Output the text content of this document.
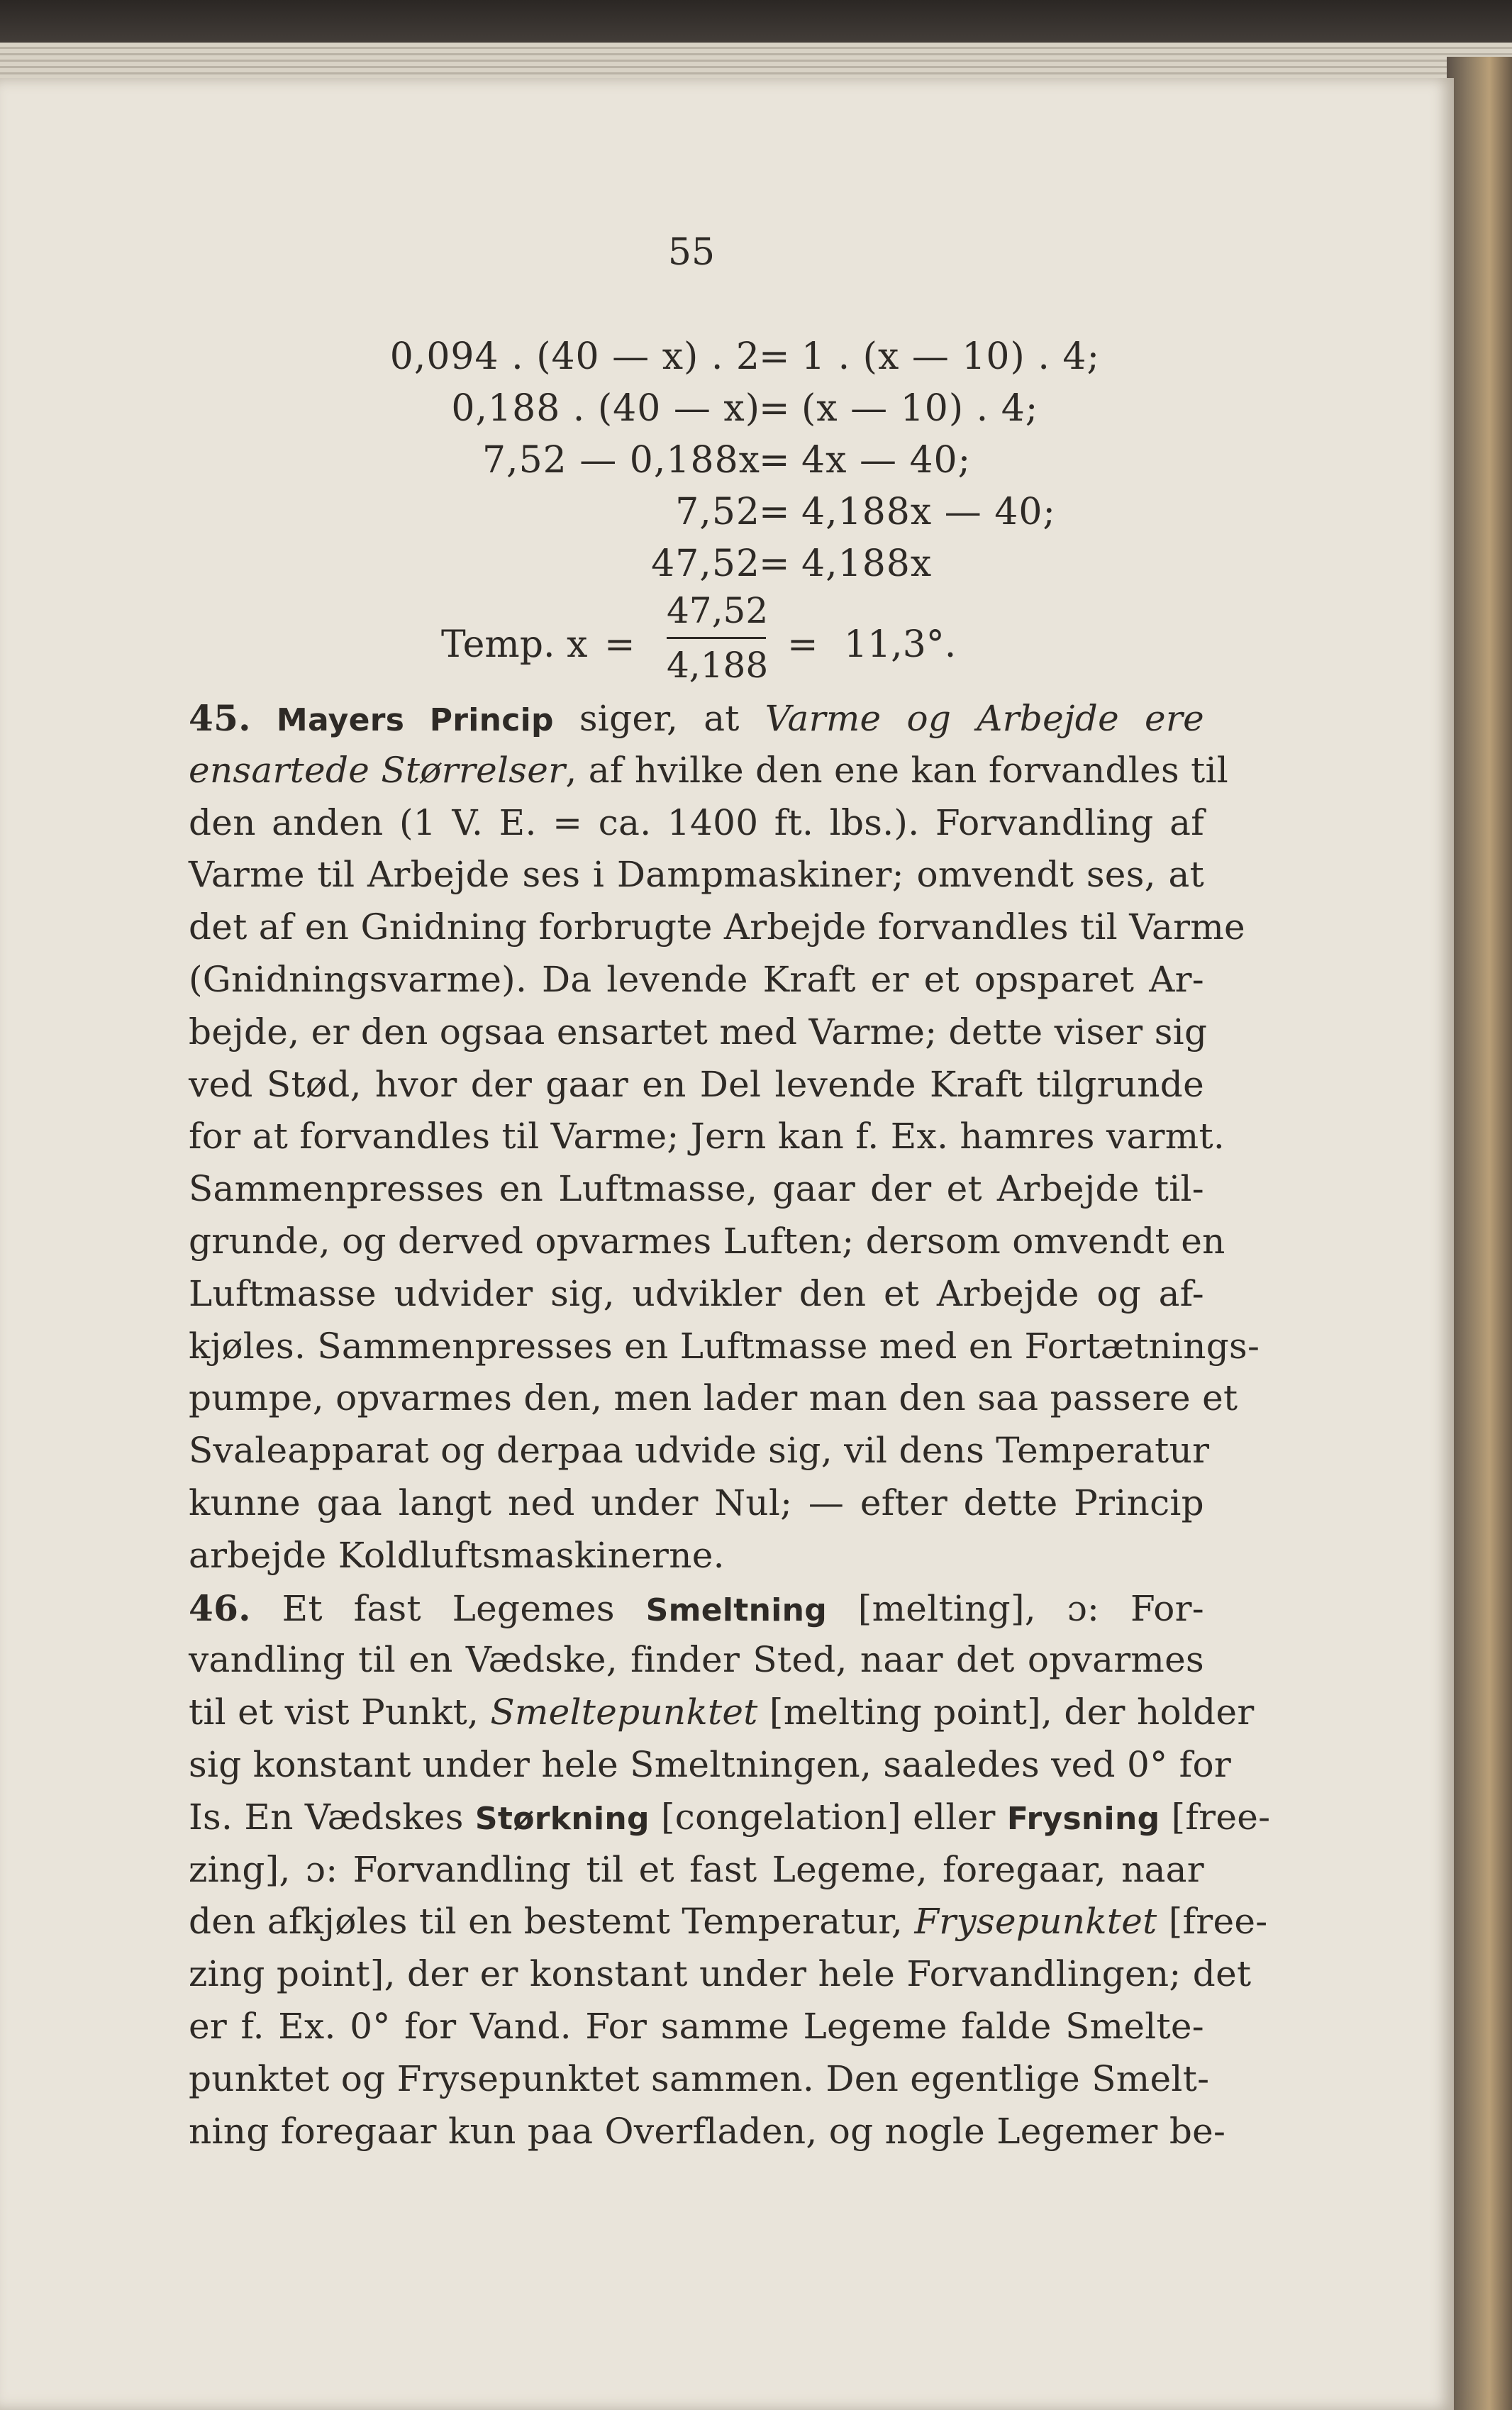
55
0,094 . (40 — x) . 2
= 1 . (x — 10) . 4;
0,188 . (40 — x)
= (x — 10) . 4;
7,52 — 0,188x
= 4x — 40;
7,52
= 4,188x — 40;
47,52
= 4,188x
Temp. x =
47,52
4,188 = 11,3°.
45. Mayers Princip siger, at Varme og Arbejde ere
ensartede Størrelser, af hvilke den ene kan forvandles til
den anden (1 V. E. = ca. 1400 ft. lbs.). Forvandling af
Varme til Arbejde ses i Dampmaskiner; omvendt ses, at
det af en Gnidning forbrugte Arbejde forvandles til Varme
(Gnidningsvarme). Da levende Kraft er et opsparet Ar-
bejde, er den ogsaa ensartet med Varme; dette viser sig
ved Stød, hvor der gaar en Del levende Kraft tilgrunde
for at forvandles til Varme; Jern kan f. Ex. hamres varmt.
Sammenpresses en Luftmasse, gaar der et Arbejde til-
grunde, og derved opvarmes Luften; dersom omvendt en
Luftmasse udvider sig, udvikler den et Arbejde og af-
kjøles. Sammenpresses en Luftmasse med en Fortætnings-
pumpe, opvarmes den, men lader man den saa passere et
Svaleapparat og derpaa udvide sig, vil dens Temperatur
kunne gaa langt ned under Nul; — efter dette Princip
arbejde Koldluftsmaskinerne.
46. Et fast Legemes Smeltning [melting], ɔ: For-
vandling til en Vædske, finder Sted, naar det opvarmes
til et vist Punkt, Smeltepunktet [melting point], der holder
sig konstant under hele Smeltningen, saaledes ved 0° for
Is. En Vædskes Størkning [congelation] eller Frysning [free-
zing], ɔ: Forvandling til et fast Legeme, foregaar, naar
den afkjøles til en bestemt Temperatur, Frysepunktet [free-
zing point], der er konstant under hele Forvandlingen; det
er f. Ex. 0° for Vand. For samme Legeme falde Smelte-
punktet og Frysepunktet sammen. Den egentlige Smelt-
ning foregaar kun paa Overfladen, og nogle Legemer be-
